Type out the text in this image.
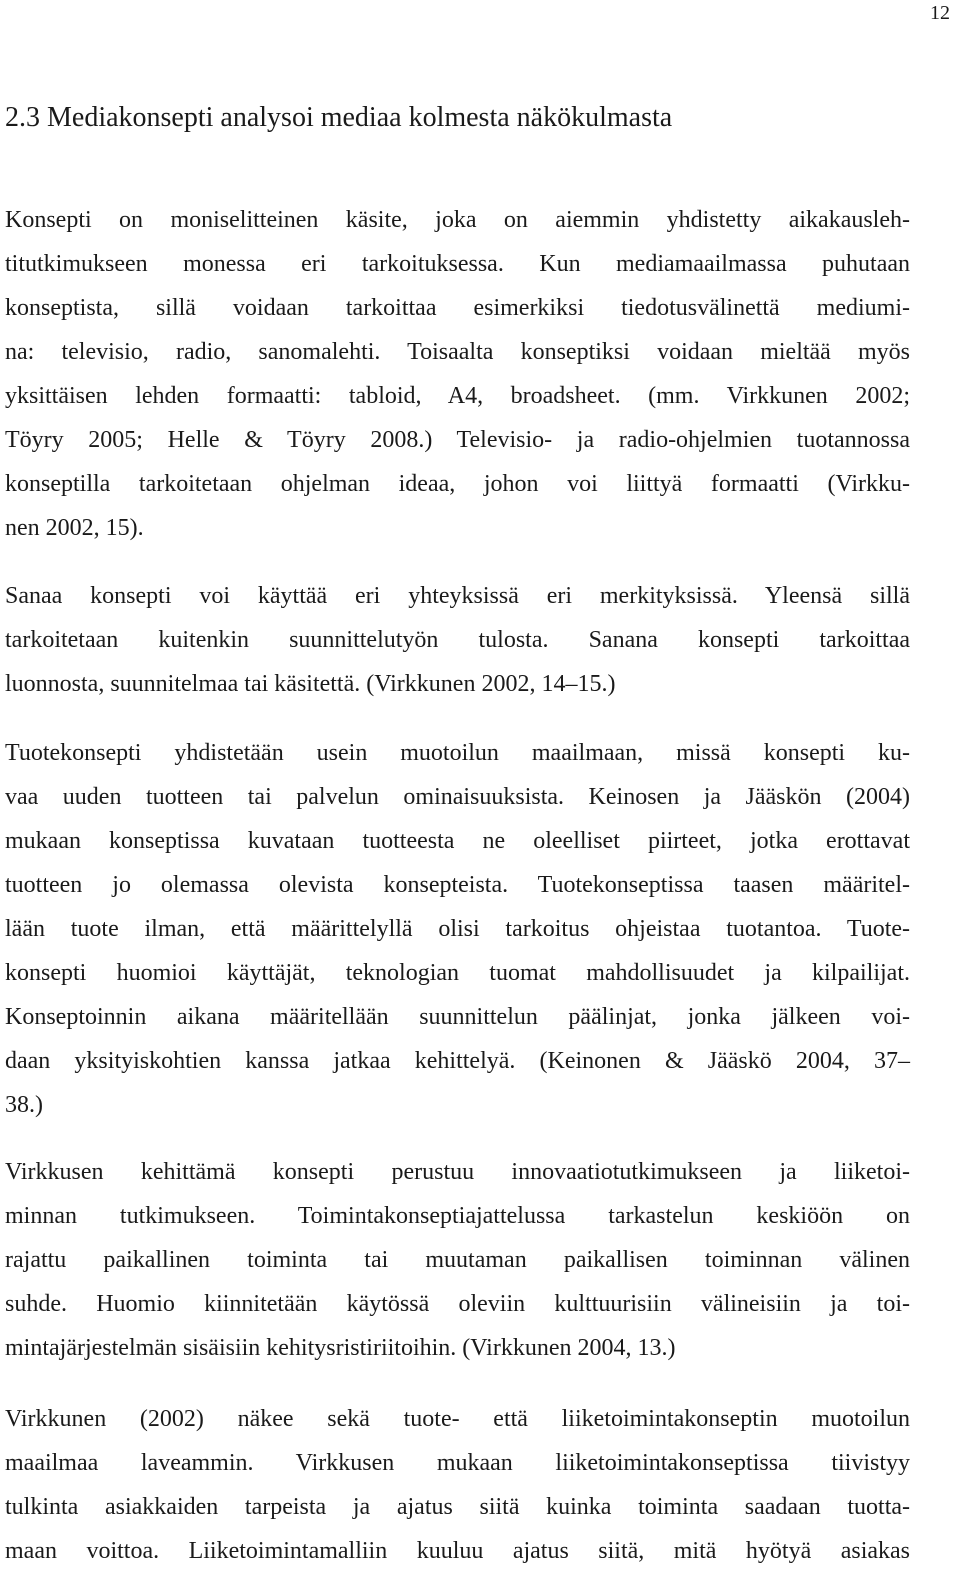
12
2.3 Mediakonsepti analysoi mediaa kolmesta näkökulmasta
Konsepti on moniselitteinen käsite, joka on aiemmin yhdistetty aikakausleh-
titutkimukseen monessa eri tarkoituksessa. Kun mediamaailmassa puhutaan
konseptista, sillä voidaan tarkoittaa esimerkiksi tiedotusvälinettä mediumi-
na: televisio, radio, sanomalehti. Toisaalta konseptiksi voidaan mieltää myös
yksittäisen lehden formaatti: tabloid, A4, broadsheet. (mm. Virkkunen 2002;
Töyry 2005; Helle & Töyry 2008.) Televisio- ja radio-ohjelmien tuotannossa
konseptilla tarkoitetaan ohjelman ideaa, johon voi liittyä formaatti (Virkku-
nen 2002, 15).
Sanaa konsepti voi käyttää eri yhteyksissä eri merkityksissä. Yleensä sillä
tarkoitetaan kuitenkin suunnittelutyön tulosta. Sanana konsepti tarkoittaa
luonnosta, suunnitelmaa tai käsitettä. (Virkkunen 2002, 14–15.)
Tuotekonsepti yhdistetään usein muotoilun maailmaan, missä konsepti ku-
vaa uuden tuotteen tai palvelun ominaisuuksista. Keinosen ja Jääskön (2004)
mukaan konseptissa kuvataan tuotteesta ne oleelliset piirteet, jotka erottavat
tuotteen jo olemassa olevista konsepteista. Tuotekonseptissa taasen määritel-
lään tuote ilman, että määrittelyllä olisi tarkoitus ohjeistaa tuotantoa. Tuote-
konsepti huomioi käyttäjät, teknologian tuomat mahdollisuudet ja kilpailijat.
Konseptoinnin aikana määritellään suunnittelun päälinjat, jonka jälkeen voi-
daan yksityiskohtien kanssa jatkaa kehittelyä. (Keinonen & Jääskö 2004, 37–
38.)
Virkkusen kehittämä konsepti perustuu innovaatiotutkimukseen ja liiketoi-
minnan tutkimukseen. Toimintakonseptiajattelussa tarkastelun keskiöön on
rajattu paikallinen toiminta tai muutaman paikallisen toiminnan välinen
suhde. Huomio kiinnitetään käytössä oleviin kulttuurisiin välineisiin ja toi-
mintajärjestelmän sisäisiin kehitysristiriitoihin. (Virkkunen 2004, 13.)
Virkkunen (2002) näkee sekä tuote- että liiketoimintakonseptin muotoilun
maailmaa laveammin. Virkkusen mukaan liiketoimintakonseptissa tiivistyy
tulkinta asiakkaiden tarpeista ja ajatus siitä kuinka toiminta saadaan tuotta-
maan voittoa. Liiketoimintamalliin kuuluu ajatus siitä, mitä hyötyä asiakas
